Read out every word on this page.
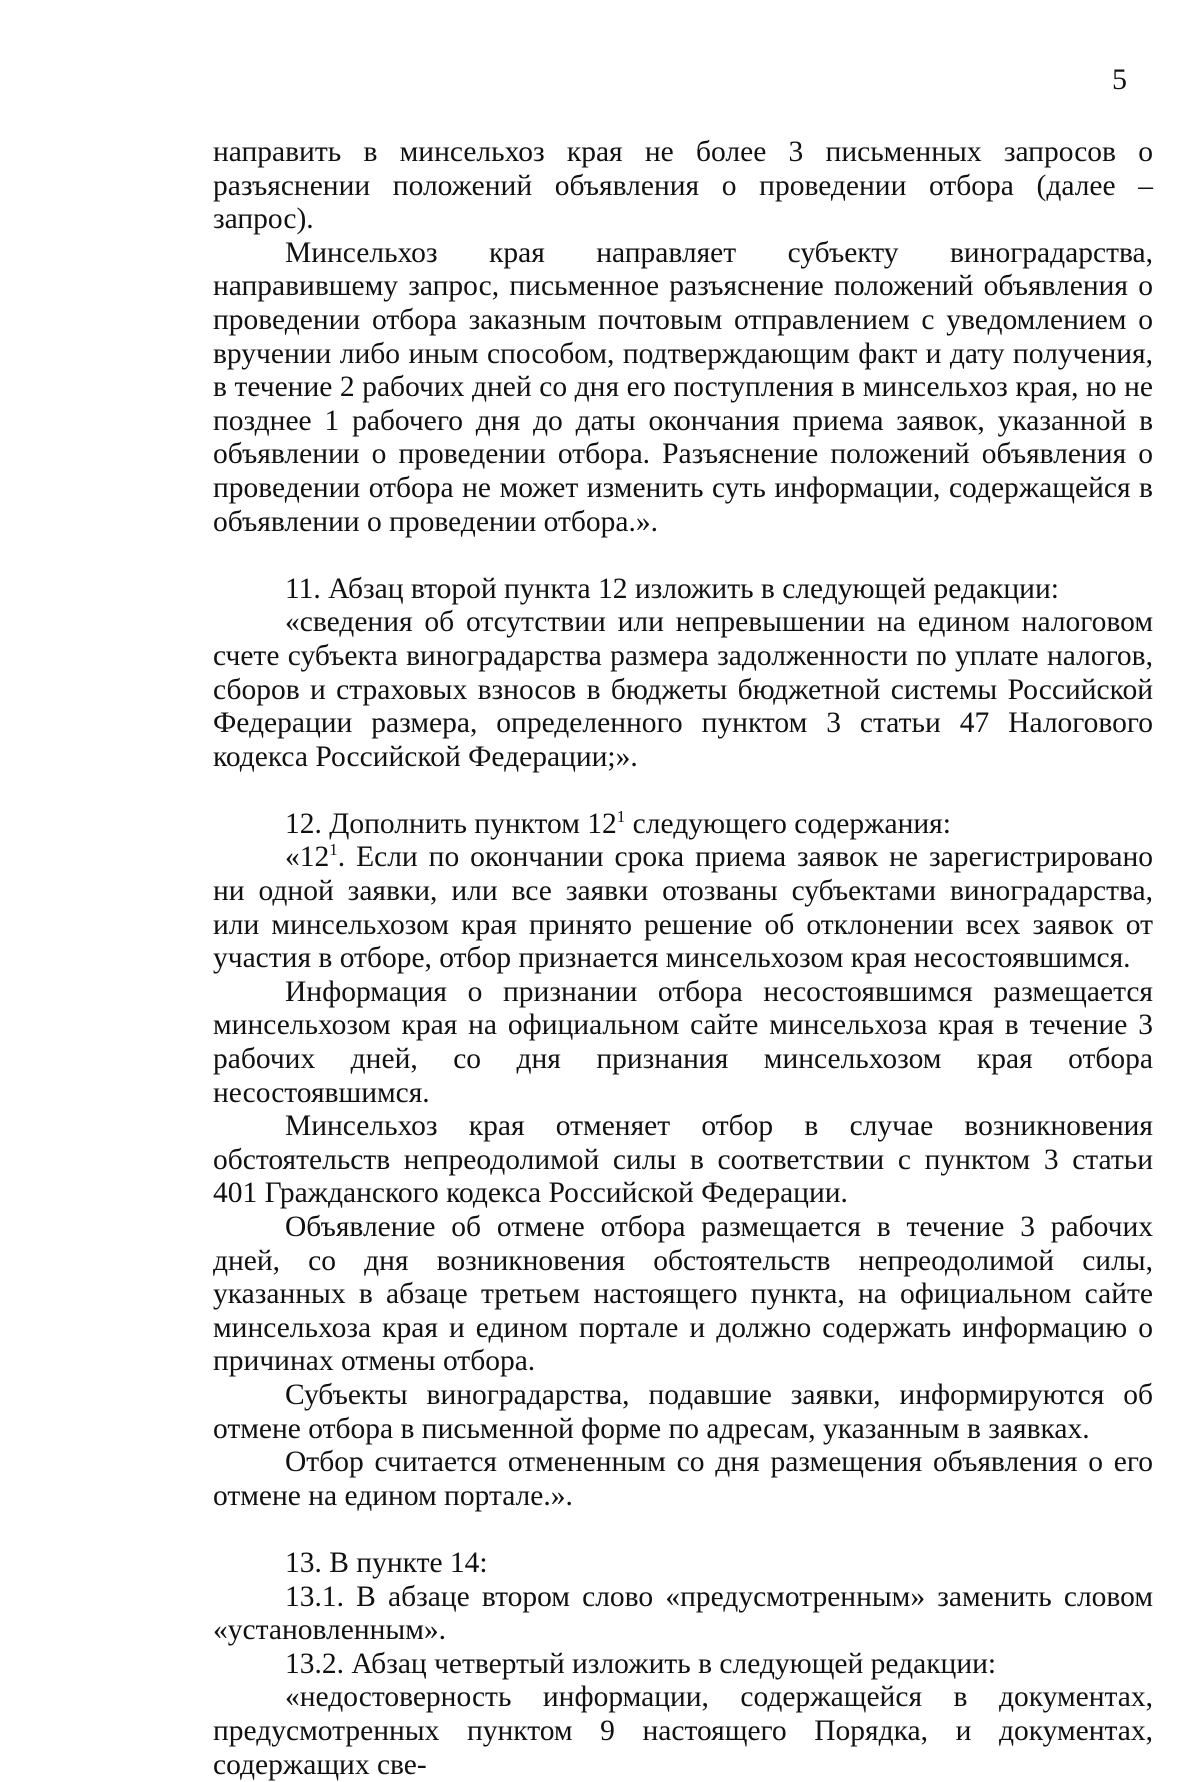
5

направить в минсельхоз края не более 3 письменных запросов о разъяснении положений объявления о проведении отбора (далее – запрос).

Минсельхоз края направляет субъекту виноградарства, направившему запрос, письменное разъяснение положений объявления о проведении отбора заказным почтовым отправлением с уведомлением о вручении либо иным способом, подтверждающим факт и дату получения, в течение 2 рабочих дней со дня его поступления в минсельхоз края, но не позднее 1 рабочего дня до даты окончания приема заявок, указанной в объявлении о проведении отбора. Разъяснение положений объявления о проведении отбора не может изменить суть информации, содержащейся в объявлении о проведении отбора.».

11. Абзац второй пункта 12 изложить в следующей редакции:

«сведения об отсутствии или непревышении на едином налоговом счете субъекта виноградарства размера задолженности по уплате налогов, сборов и страховых взносов в бюджеты бюджетной системы Российской Федерации размера, определенного пунктом 3 статьи 47 Налогового кодекса Российской Федерации;».

12. Дополнить пунктом $12^1$ следующего содержания:

«$12^1$. Если по окончании срока приема заявок не зарегистрировано ни одной заявки, или все заявки отозваны субъектами виноградарства, или минсельхозом края принято решение об отклонении всех заявок от участия в отборе, отбор признается минсельхозом края несостоявшимся.

Информация о признании отбора несостоявшимся размещается минсельхозом края на официальном сайте минсельхоза края в течение 3 рабочих дней, со дня признания минсельхозом края отбора несостоявшимся.

Минсельхоз края отменяет отбор в случае возникновения обстоятельств непреодолимой силы в соответствии с пунктом 3 статьи 401 Гражданского кодекса Российской Федерации.

Объявление об отмене отбора размещается в течение 3 рабочих дней, со дня возникновения обстоятельств непреодолимой силы, указанных в абзаце третьем настоящего пункта, на официальном сайте минсельхоза края и едином портале и должно содержать информацию о причинах отмены отбора.

Субъекты виноградарства, подавшие заявки, информируются об отмене отбора в письменной форме по адресам, указанным в заявках.

Отбор считается отмененным со дня размещения объявления о его отмене на едином портале.».

13. В пункте 14:

13.1. В абзаце втором слово «предусмотренным» заменить словом «установленным».

13.2. Абзац четвертый изложить в следующей редакции:

«недостоверность информации, содержащейся в документах, предусмотренных пунктом 9 настоящего Порядка, и документах, содержащих све-
